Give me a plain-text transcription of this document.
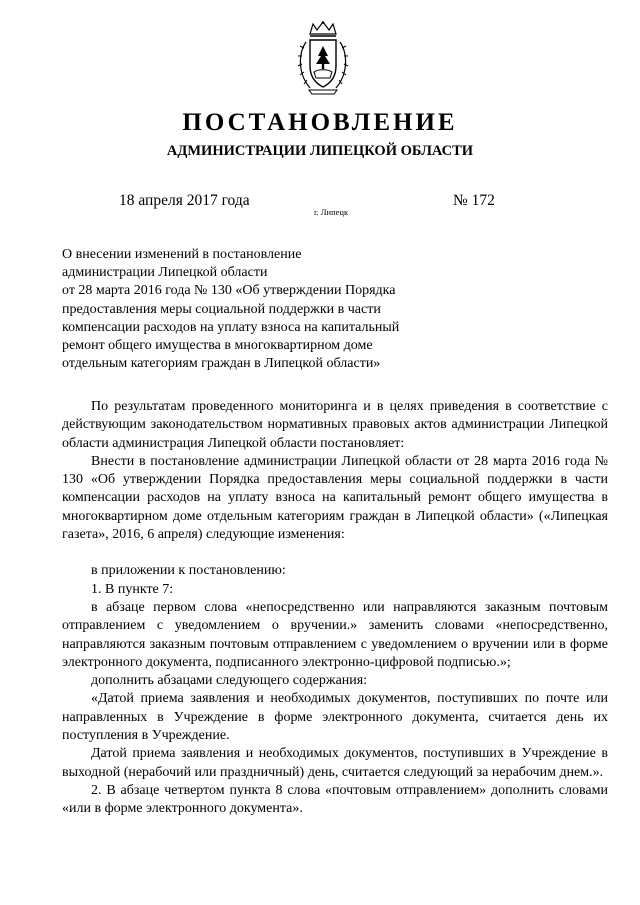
ПОСТАНОВЛЕНИЕ
АДМИНИСТРАЦИИ ЛИПЕЦКОЙ ОБЛАСТИ
18 апреля 2017 года
г. Липецк
№ 172
О внесении изменений в постановление
администрации Липецкой области
от 28 марта 2016 года № 130 «Об утверждении Порядка
предоставления меры социальной поддержки в части
компенсации расходов на уплату взноса на капитальный
ремонт общего имущества в многоквартирном доме
отдельным категориям граждан в Липецкой области»

По результатам проведенного мониторинга и в целях приведения в соответствие с действующим законодательством нормативных правовых актов администрации Липецкой области администрация Липецкой области постановляет:

Внести в постановление администрации Липецкой области от 28 марта 2016 года № 130 «Об утверждении Порядка предоставления меры социальной поддержки в части компенсации расходов на уплату взноса на капитальный ремонт общего имущества в многоквартирном доме отдельным категориям граждан в Липецкой области» («Липецкая газета», 2016, 6 апреля) следующие изменения:

в приложении к постановлению:

1. В пункте 7:

в абзаце первом слова «непосредственно или направляются заказным почтовым отправлением с уведомлением о вручении.» заменить словами «непосредственно, направляются заказным почтовым отправлением с уведомлением о вручении или в форме электронного документа, подписанного электронно-цифровой подписью.»;

дополнить абзацами следующего содержания:

«Датой приема заявления и необходимых документов, поступивших по почте или направленных в Учреждение в форме электронного документа, считается день их поступления в Учреждение.

Датой приема заявления и необходимых документов, поступивших в Учреждение в выходной (нерабочий или праздничный) день, считается следующий за нерабочим днем.».

2. В абзаце четвертом пункта 8 слова «почтовым отправлением» дополнить словами «или в форме электронного документа».
